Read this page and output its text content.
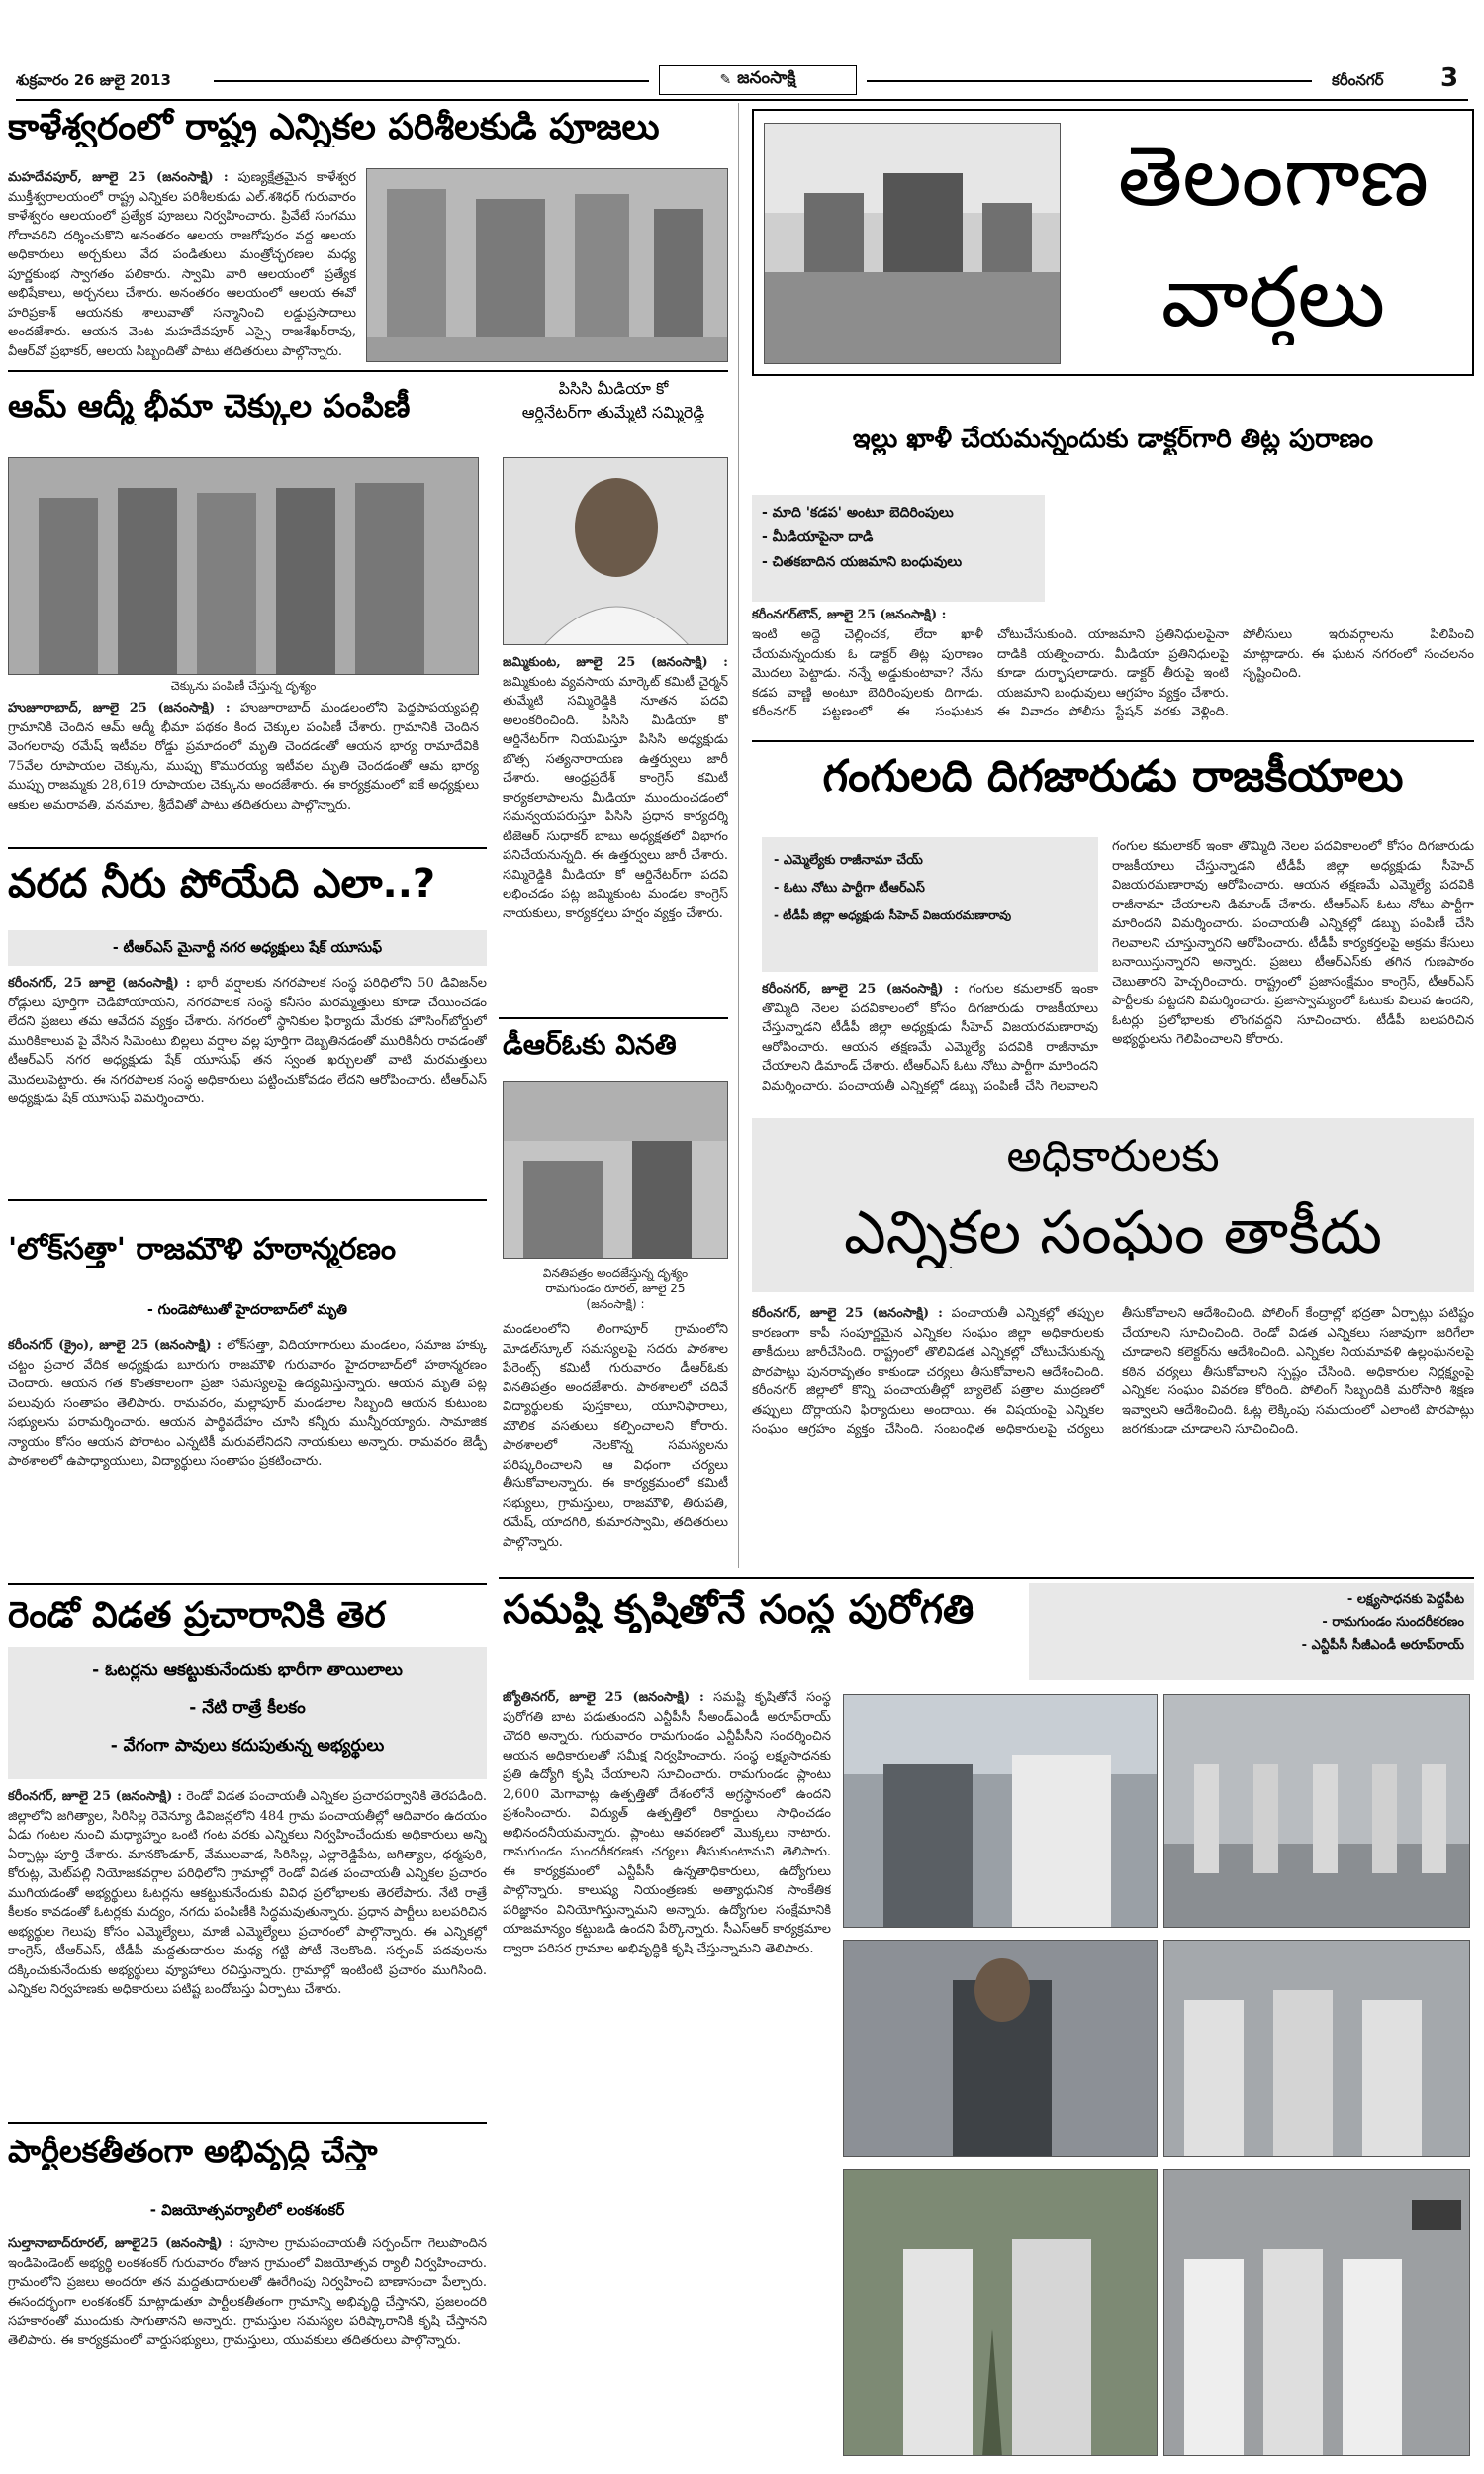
శుక్రవారం 26 జులై 2013	✎ జనంసాక్షి	కరీంనగర్ 3
కాళేశ్వరంలో రాష్ట్ర ఎన్నికల పరిశీలకుడి పూజలు
మహదేవపూర్‌, జూలై 25 (జనంసాక్షి) : పుణ్యక్షేత్రమైన కాళేశ్వర ముక్తీశ్వరాలయంలో రాష్ట్ర ఎన్నికల పరిశీలకుడు ఎల్‌.శశిధర్‌ గురువారం కాళేశ్వరం ఆలయంలో ప్రత్యేక పూజలు నిర్వహించారు. ప్రివేటే సంగము గోదావరిని దర్శించుకొని అనంతరం ఆలయ రాజగోపురం వద్ద ఆలయ అధికారులు అర్చకులు వేద పండితులు మంత్రోచ్ఛరణల మధ్య పూర్ణకుంభ స్వాగతం పలికారు. స్వామి వారి ఆలయంలో ప్రత్యేక అభిషేకాలు, అర్చనలు చేశారు. అనంతరం ఆలయంలో ఆలయ ఈవో హరిప్రకాశ్‌ ఆయనకు శాలువాతో సన్మానించి లడ్డుప్రసాదాలు అందజేశారు. ఆయన వెంట మహదేవపూర్‌ ఎస్సై రాజశేఖర్‌రావు, వీఆర్‌వో ప్రభాకర్‌, ఆలయ సిబ్బందితో పాటు తదితరులు పాల్గొన్నారు.
ఆమ్‌ ఆద్మీ భీమా చెక్కుల పంపిణీ
చెక్కును పంపిణీ చేస్తున్న దృశ్యం
హుజూరాబాద్‌, జూలై 25 (జనంసాక్షి) : హుజూరాబాద్‌ మండలంలోని పెద్దపాపయ్యపల్లి గ్రామానికి చెందిన ఆమ్‌ ఆద్మీ భీమా పథకం కింద చెక్కుల పంపిణీ చేశారు. గ్రామానికి చెందిన వెంగలరావు రమేష్‌ ఇటీవల రోడ్డు ప్రమాదంలో మృతి చెందడంతో ఆయన భార్య రామాదేవికి 75వేల రూపాయల చెక్కును, ముప్పు కొమురయ్య ఇటీవల మృతి చెందడంతో ఆమ భార్య ముప్పు రాజమ్మకు 28,619 రూపాయల చెక్కును అందజేశారు. ఈ కార్యక్రమంలో ఐకే అధ్యక్షులు ఆకుల అమరావతి, వనమాల, శ్రీదేవితో పాటు తదితరులు పాల్గొన్నారు.
పిసిసి మీడియా కో
ఆర్డినేటర్‌గా తుమ్మేటి సమ్మిరెడ్డి
జమ్మికుంట, జూలై 25 (జనంసాక్షి) : జమ్మికుంట వ్యవసాయ మార్కెట్‌ కమిటీ చైర్మన్‌ తుమ్మేటి సమ్మిరెడ్డికి నూతన పదవి అలంకరించింది. పిసిసి మీడియా కో ఆర్డినేటర్‌గా నియమిస్తూ పిసిసి అధ్యక్షుడు బొత్స సత్యనారాయణ ఉత్తర్వులు జారీ చేశారు. ఆంధ్రప్రదేశ్‌ కాంగ్రెస్‌ కమిటీ కార్యకలాపాలను మీడియా ముందుంచడంలో సమన్వయపరుస్తూ పిసిసి ప్రధాన కార్యదర్శి టిజెఆర్‌ సుధాకర్‌ బాబు అధ్యక్షతలో విభాగం పనిచేయనున్నది. ఈ ఉత్తర్వులు జారీ చేశారు. సమ్మిరెడ్డికి మీడియా కో ఆర్డినేటర్‌గా పదవి లభించడం పట్ల జమ్మికుంట మండల కాంగ్రెస్‌ నాయకులు, కార్యకర్తలు హర్షం వ్యక్తం చేశారు.
వరద నీరు పోయేది ఎలా..?
- టీఆర్‌ఎస్‌ మైనార్టీ నగర అధ్యక్షులు షేక్‌ యూసుఫ్‌
కరీంనగర్‌, 25 జూలై (జనంసాక్షి) : భారీ వర్షాలకు నగరపాలక సంస్థ పరిధిలోని 50 డివిజన్‌ల రోడ్లులు పూర్తిగా చెడిపోయాయని, నగరపాలక సంస్థ కనీసం మరమ్మత్తులు కూడా చేయించడం లేదని ప్రజలు తమ ఆవేదన వ్యక్తం చేశారు. నగరంలో స్థానికుల ఫిర్యాదు మేరకు హౌసింగ్‌బోర్డులో మురికికాలువ పై వేసిన సిమెంటు బిల్లలు వర్షాల వల్ల పూర్తిగా దెబ్బతినడంతో మురికినీరు రావడంతో టీఆర్‌ఎస్‌ నగర అధ్యక్షుడు షేక్‌ యూసుఫ్‌ తన స్వంత ఖర్చులతో వాటి మరమత్తులు మొదలుపెట్టారు. ఈ నగరపాలక సంస్థ అధికారులు పట్టించుకోవడం లేదని ఆరోపించారు. టీఆర్‌ఎస్‌ అధ్యక్షుడు షేక్‌ యూసుఫ్‌ విమర్శించారు.
డీఆర్‌ఓకు వినతి
వినతిపత్రం అందజేస్తున్న దృశ్యం
రామగుండం రూరల్‌, జూలై 25
(జనంసాక్షి) :
మండలంలోని లింగాపూర్‌ గ్రామంలోని మోడల్‌స్కూల్‌ సమస్యలపై సదరు పాఠశాల పేరెంట్స్‌ కమిటీ గురువారం డీఆర్‌ఓకు వినతిపత్రం అందజేశారు. పాఠశాలలో చదివే విద్యార్థులకు పుస్తకాలు, యూనిఫారాలు, మౌలిక వసతులు కల్పించాలని కోరారు. పాఠశాలలో నెలకొన్న సమస్యలను పరిష్కరించాలని ఆ విధంగా చర్యలు తీసుకోవాలన్నారు. ఈ కార్యక్రమంలో కమిటీ సభ్యులు, గ్రామస్తులు, రాజమౌళి, తిరుపతి, రమేష్‌, యాదగిరి, కుమారస్వామి, తదితరులు పాల్గొన్నారు.
'లోక్‌సత్తా' రాజమౌళి హఠాన్మరణం
- గుండెపోటుతో హైదరాబాద్‌లో మృతి
కరీంనగర్‌ (క్రైం), జూలై 25 (జనంసాక్షి) : లోక్‌సత్తా, విదియాగారులు మండలం, సమాజ హక్కు చట్టం ప్రచార వేదిక అధ్యక్షుడు బూరుగు రాజమౌళి గురువారం హైదరాబాద్‌లో హఠాన్మరణం చెందారు. ఆయన గత కొంతకాలంగా ప్రజా సమస్యలపై ఉద్యమిస్తున్నారు. ఆయన మృతి పట్ల పలువురు సంతాపం తెలిపారు. రామవరం, మల్లాపూర్‌ మండలాల సిబ్బంది ఆయన కుటుంబ సభ్యులను పరామర్శించారు. ఆయన పార్థివదేహం చూసి కన్నీరు మున్నీరయ్యారు. సామాజిక న్యాయం కోసం ఆయన పోరాటం ఎన్నటికీ మరువలేనిదని నాయకులు అన్నారు. రామవరం జెడ్పీ పాఠశాలలో ఉపాధ్యాయులు, విద్యార్థులు సంతాపం ప్రకటించారు.
రెండో విడత ప్రచారానికి తెర
- ఓటర్లను ఆకట్టుకునేందుకు భారీగా తాయిలాలు
- నేటి రాత్రే కీలకం
- వేగంగా పావులు కదుపుతున్న అభ్యర్థులు
కరీంనగర్‌, జూలై 25 (జనంసాక్షి) : రెండో విడత పంచాయతీ ఎన్నికల ప్రచారపర్వానికి తెరపడింది. జిల్లాలోని జగిత్యాల, సిరిసిల్ల రెవెన్యూ డివిజన్లలోని 484 గ్రామ పంచాయతీల్లో ఆదివారం ఉదయం ఏడు గంటల నుంచి మధ్యాహ్నం ఒంటి గంట వరకు ఎన్నికలు నిర్వహించేందుకు అధికారులు అన్ని ఏర్పాట్లు పూర్తి చేశారు. మానకొండూర్‌, వేములవాడ, సిరిసిల్ల, ఎల్లారెడ్డిపేట, జగిత్యాల, ధర్మపురి, కోరుట్ల, మెట్‌పల్లి నియోజకవర్గాల పరిధిలోని గ్రామాల్లో రెండో విడత పంచాయతీ ఎన్నికల ప్రచారం ముగియడంతో అభ్యర్థులు ఓటర్లను ఆకట్టుకునేందుకు వివిధ ప్రలోభాలకు తెరలేపారు. నేటి రాత్రే కీలకం కావడంతో ఓటర్లకు మద్యం, నగదు పంపిణీకి సిద్ధమవుతున్నారు. ప్రధాన పార్టీలు బలపరిచిన అభ్యర్థుల గెలుపు కోసం ఎమ్మెల్యేలు, మాజీ ఎమ్మెల్యేలు ప్రచారంలో పాల్గొన్నారు. ఈ ఎన్నికల్లో కాంగ్రెస్‌, టీఆర్‌ఎస్‌, టీడీపీ మద్దతుదారుల మధ్య గట్టి పోటీ నెలకొంది. సర్పంచ్‌ పదవులను దక్కించుకునేందుకు అభ్యర్థులు వ్యూహాలు రచిస్తున్నారు. గ్రామాల్లో ఇంటింటి ప్రచారం ముగిసింది. ఎన్నికల నిర్వహణకు అధికారులు పటిష్ట బందోబస్తు ఏర్పాటు చేశారు.
పార్టీలకతీతంగా అభివృద్ధి చేస్తా
- విజయోత్సవర్యాలీలో లంకశంకర్‌
సుల్తానాబాద్‌రూరల్‌, జూలై25 (జనంసాక్షి) : పూసాల గ్రామపంచాయతీ సర్పంచ్‌గా గెలుపొందిన ఇండిపెండెంట్‌ అభ్యర్థి లంకశంకర్‌ గురువారం రోజున గ్రామంలో విజయోత్సవ ర్యాలీ నిర్వహించారు. గ్రామంలోని ప్రజలు అందరూ తన మద్దతుదారులతో ఊరేగింపు నిర్వహించి బాణాసంచా పేల్చారు. ఈసందర్భంగా లంకశంకర్‌ మాట్లాడుతూ పార్టీలకతీతంగా గ్రామాన్ని అభివృద్ధి చేస్తానని, ప్రజలందరి సహకారంతో ముందుకు సాగుతానని అన్నారు. గ్రామస్తుల సమస్యల పరిష్కారానికి కృషి చేస్తానని తెలిపారు. ఈ కార్యక్రమంలో వార్డుసభ్యులు, గ్రామస్తులు, యువకులు తదితరులు పాల్గొన్నారు.
తెలంగాణ
వార్తలు
ఇల్లు ఖాళీ చేయమన్నందుకు డాక్టర్‌గారి తిట్ల పురాణం
- మాది 'కడప' అంటూ బెదిరింపులు
- మీడియాపైనా దాడి
- చితకబాదిన యజమాని బంధువులు
కరీంనగర్‌టౌన్‌, జూలై 25 (జనంసాక్షి) :
ఇంటి అద్దె చెల్లించక, లేదా ఖాళీ చేయమన్నందుకు ఓ డాక్టర్‌ తిట్ల పురాణం మొదలు పెట్టాడు. నన్నే అడ్డుకుంటావా? నేను కడప వాణ్ణి అంటూ బెదిరింపులకు దిగాడు. కరీంనగర్‌ పట్టణంలో ఈ సంఘటన చోటుచేసుకుంది. యాజమాని ప్రతినిధులపైనా దాడికి యత్నించారు. మీడియా ప్రతినిధులపై కూడా దుర్భాషలాడారు. డాక్టర్‌ తీరుపై ఇంటి యజమాని బంధువులు ఆగ్రహం వ్యక్తం చేశారు. ఈ వివాదం పోలీసు స్టేషన్‌ వరకు వెళ్లింది. పోలీసులు ఇరువర్గాలను పిలిపించి మాట్లాడారు. ఈ ఘటన నగరంలో సంచలనం సృష్టించింది.
గంగులది దిగజారుడు రాజకీయాలు
- ఎమ్మెల్యేకు రాజీనామా చేయ్‌
- ఓటు నోటు పార్టీగా టీఆర్‌ఎస్‌
- టీడీపీ జిల్లా అధ్యక్షుడు సీహెచ్‌ విజయరమణారావు
కరీంనగర్‌, జూలై 25 (జనంసాక్షి) : గంగుల కమలాకర్‌ ఇంకా తొమ్మిది నెలల పదవికాలంలో కోసం దిగజారుడు రాజకీయాలు చేస్తున్నాడని టీడీపీ జిల్లా అధ్యక్షుడు సీహెచ్‌ విజయరమణారావు ఆరోపించారు. ఆయన తక్షణమే ఎమ్మెల్యే పదవికి రాజీనామా చేయాలని డిమాండ్‌ చేశారు. టీఆర్‌ఎస్‌ ఓటు నోటు పార్టీగా మారిందని విమర్శించారు. పంచాయతీ ఎన్నికల్లో డబ్బు పంపిణీ చేసి గెలవాలని
గంగుల కమలాకర్‌ ఇంకా తొమ్మిది నెలల పదవికాలంలో కోసం దిగజారుడు రాజకీయాలు చేస్తున్నాడని టీడీపీ జిల్లా అధ్యక్షుడు సీహెచ్‌ విజయరమణారావు ఆరోపించారు. ఆయన తక్షణమే ఎమ్మెల్యే పదవికి రాజీనామా చేయాలని డిమాండ్‌ చేశారు. టీఆర్‌ఎస్‌ ఓటు నోటు పార్టీగా మారిందని విమర్శించారు. పంచాయతీ ఎన్నికల్లో డబ్బు పంపిణీ చేసి గెలవాలని చూస్తున్నారని ఆరోపించారు. టీడీపీ కార్యకర్తలపై అక్రమ కేసులు బనాయిస్తున్నారని అన్నారు. ప్రజలు టీఆర్‌ఎస్‌కు తగిన గుణపాఠం చెబుతారని హెచ్చరించారు. రాష్ట్రంలో ప్రజాసంక్షేమం కాంగ్రెస్‌, టీఆర్‌ఎస్‌ పార్టీలకు పట్టదని విమర్శించారు. ప్రజాస్వామ్యంలో ఓటుకు విలువ ఉందని, ఓటర్లు ప్రలోభాలకు లొంగవద్దని సూచించారు. టీడీపీ బలపరిచిన అభ్యర్థులను గెలిపించాలని కోరారు.
అధికారులకు
ఎన్నికల సంఘం తాకీదు
కరీంనగర్‌, జూలై 25 (జనంసాక్షి) : పంచాయతీ ఎన్నికల్లో తప్పుల కారణంగా కాపీ సంపూర్ణమైన ఎన్నికల సంఘం జిల్లా అధికారులకు తాకీదులు జారీచేసింది. రాష్ట్రంలో తొలివిడత ఎన్నికల్లో చోటుచేసుకున్న పొరపాట్లు పునరావృతం కాకుండా చర్యలు తీసుకోవాలని ఆదేశించింది. కరీంనగర్‌ జిల్లాలో కొన్ని పంచాయతీల్లో బ్యాలెట్‌ పత్రాల ముద్రణలో తప్పులు దొర్లాయని ఫిర్యాదులు అందాయి. ఈ విషయంపై ఎన్నికల సంఘం ఆగ్రహం వ్యక్తం చేసింది. సంబంధిత అధికారులపై చర్యలు తీసుకోవాలని ఆదేశించింది. పోలింగ్‌ కేంద్రాల్లో భద్రతా ఏర్పాట్లు పటిష్టం చేయాలని సూచించింది. రెండో విడత ఎన్నికలు సజావుగా జరిగేలా చూడాలని కలెక్టర్‌ను ఆదేశించింది. ఎన్నికల నియమావళి ఉల్లంఘనలపై కఠిన చర్యలు తీసుకోవాలని స్పష్టం చేసింది. అధికారుల నిర్లక్ష్యంపై ఎన్నికల సంఘం వివరణ కోరింది. పోలింగ్‌ సిబ్బందికి మరోసారి శిక్షణ ఇవ్వాలని ఆదేశించింది. ఓట్ల లెక్కింపు సమయంలో ఎలాంటి పొరపాట్లు జరగకుండా చూడాలని సూచించింది.
సమష్టి కృషితోనే సంస్థ పురోగతి	- లక్ష్యసాధనకు పెద్దపీట
- రామగుండం సుందరీకరణం
- ఎన్టీపీసీ సీజీఎండీ అరూప్‌రాయ్‌
జ్యోతినగర్‌, జూలై 25 (జనంసాక్షి) : సమష్టి కృషితోనే సంస్థ పురోగతి బాట పడుతుందని ఎన్టీపీసీ సీఅండ్‌ఎండీ అరూప్‌రాయ్‌ చౌదరి అన్నారు. గురువారం రామగుండం ఎన్టీపీసీని సందర్శించిన ఆయన అధికారులతో సమీక్ష నిర్వహించారు. సంస్థ లక్ష్యసాధనకు ప్రతి ఉద్యోగి కృషి చేయాలని సూచించారు. రామగుండం ప్లాంటు 2,600 మెగావాట్ల ఉత్పత్తితో దేశంలోనే అగ్రస్థానంలో ఉందని ప్రశంసించారు. విద్యుత్‌ ఉత్పత్తిలో రికార్డులు సాధించడం అభినందనీయమన్నారు. ప్లాంటు ఆవరణలో మొక్కలు నాటారు. రామగుండం సుందరీకరణకు చర్యలు తీసుకుంటామని తెలిపారు. ఈ కార్యక్రమంలో ఎన్టీపీసీ ఉన్నతాధికారులు, ఉద్యోగులు పాల్గొన్నారు. కాలుష్య నియంత్రణకు అత్యాధునిక సాంకేతిక పరిజ్ఞానం వినియోగిస్తున్నామని అన్నారు. ఉద్యోగుల సంక్షేమానికి యాజమాన్యం కట్టుబడి ఉందని పేర్కొన్నారు. సీఎస్‌ఆర్‌ కార్యక్రమాల ద్వారా పరిసర గ్రామాల అభివృద్ధికి కృషి చేస్తున్నామని తెలిపారు.
